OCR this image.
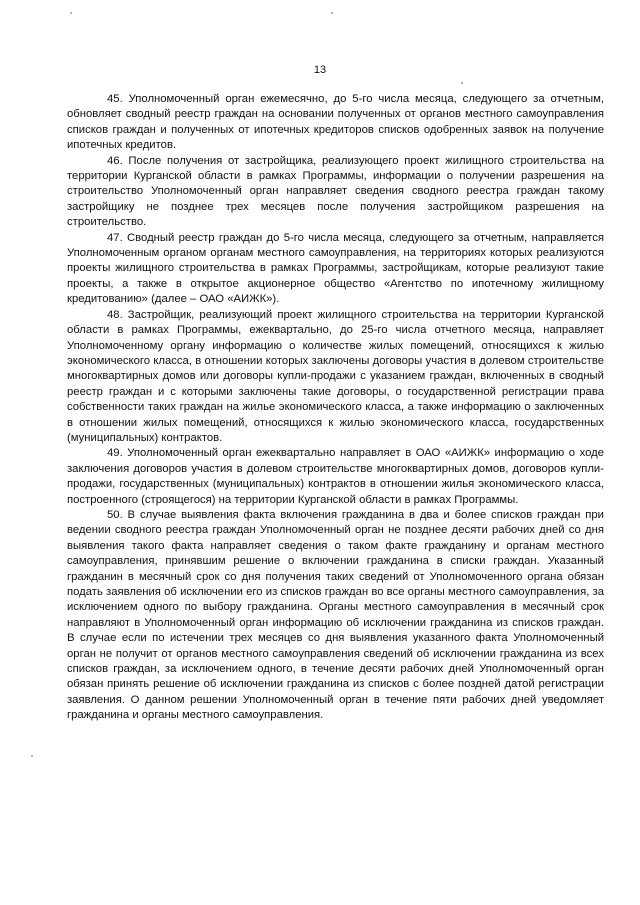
13

45. Уполномоченный орган ежемесячно, до 5-го числа месяца, следующего за отчетным, обновляет сводный реестр граждан на основании полученных от органов местного самоуправления списков граждан и полученных от ипотечных кредиторов списков одобренных заявок на получение ипотечных кредитов.

46. После получения от застройщика, реализующего проект жилищного строительства на территории Курганской области в рамках Программы, информации о получении разрешения на строительство Уполномоченный орган направляет сведения сводного реестра граждан такому застройщику не позднее трех месяцев после получения застройщиком разрешения на строительство.

47. Сводный реестр граждан до 5-го числа месяца, следующего за отчетным, направляется Уполномоченным органом органам местного самоуправления, на территориях которых реализуются проекты жилищного строительства в рамках Программы, застройщикам, которые реализуют такие проекты, а также в открытое акционерное общество «Агентство по ипотечному жилищному кредитованию» (далее – ОАО «АИЖК»).

48. Застройщик, реализующий проект жилищного строительства на территории Курганской области в рамках Программы, ежеквартально, до 25-го числа отчетного месяца, направляет Уполномоченному органу информацию о количестве жилых помещений, относящихся к жилью экономического класса, в отношении которых заключены договоры участия в долевом строительстве многоквартирных домов или договоры купли-продажи с указанием граждан, включенных в сводный реестр граждан и с которыми заключены такие договоры, о государственной регистрации права собственности таких граждан на жилье экономического класса, а также информацию о заключенных в отношении жилых помещений, относящихся к жилью экономического класса, государственных (муниципальных) контрактов.

49. Уполномоченный орган ежеквартально направляет в ОАО «АИЖК» информацию о ходе заключения договоров участия в долевом строительстве многоквартирных домов, договоров купли-продажи, государственных (муниципальных) контрактов в отношении жилья экономического класса, построенного (строящегося) на территории Курганской области в рамках Программы.

50. В случае выявления факта включения гражданина в два и более списков граждан при ведении сводного реестра граждан Уполномоченный орган не позднее десяти рабочих дней со дня выявления такого факта направляет сведения о таком факте гражданину и органам местного самоуправления, принявшим решение о включении гражданина в списки граждан. Указанный гражданин в месячный срок со дня получения таких сведений от Уполномоченного органа обязан подать заявления об исключении его из списков граждан во все органы местного самоуправления, за исключением одного по выбору гражданина. Органы местного самоуправления в месячный срок направляют в Уполномоченный орган информацию об исключении гражданина из списков граждан. В случае если по истечении трех месяцев со дня выявления указанного факта Уполномоченный орган не получит от органов местного самоуправления сведений об исключении гражданина из всех списков граждан, за исключением одного, в течение десяти рабочих дней Уполномоченный орган обязан принять решение об исключении гражданина из списков с более поздней датой регистрации заявления. О данном решении Уполномоченный орган в течение пяти рабочих дней уведомляет гражданина и органы местного самоуправления.
